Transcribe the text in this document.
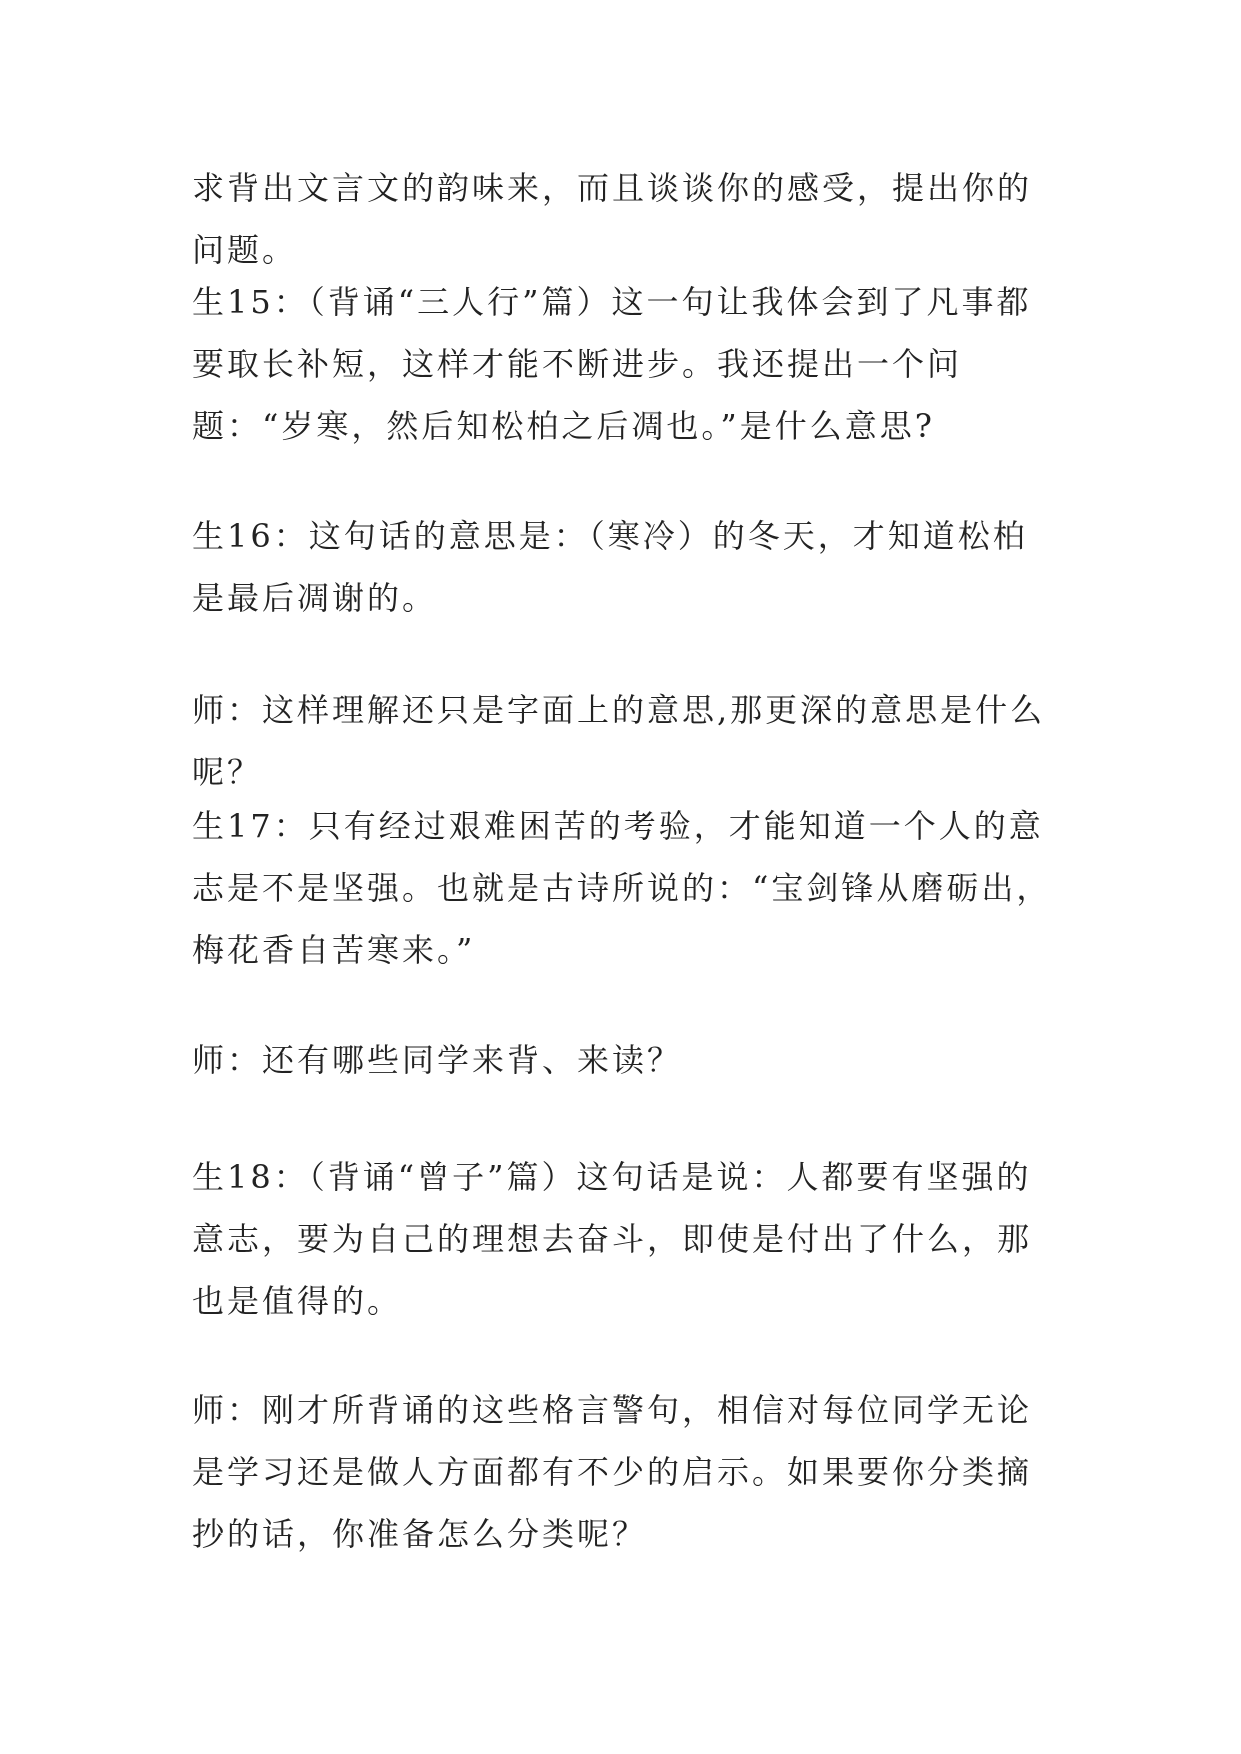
求背出文言文的韵味来，而且谈谈你的感受，提出你的问题。

生15：（背诵“三人行”篇）这一句让我体会到了凡事都要取长补短，这样才能不断进步。我还提出一个问题：“岁寒，然后知松柏之后凋也。”是什么意思?

生16：这句话的意思是：（寒冷）的冬天，才知道松柏是最后凋谢的。

师：这样理解还只是字面上的意思,那更深的意思是什么呢？

生17：只有经过艰难困苦的考验，才能知道一个人的意志是不是坚强。也就是古诗所说的：“宝剑锋从磨砺出，梅花香自苦寒来。”

师：还有哪些同学来背、来读？

生18：（背诵“曾子”篇）这句话是说：人都要有坚强的意志，要为自己的理想去奋斗，即使是付出了什么，那也是值得的。

师：刚才所背诵的这些格言警句，相信对每位同学无论是学习还是做人方面都有不少的启示。如果要你分类摘抄的话，你准备怎么分类呢？
